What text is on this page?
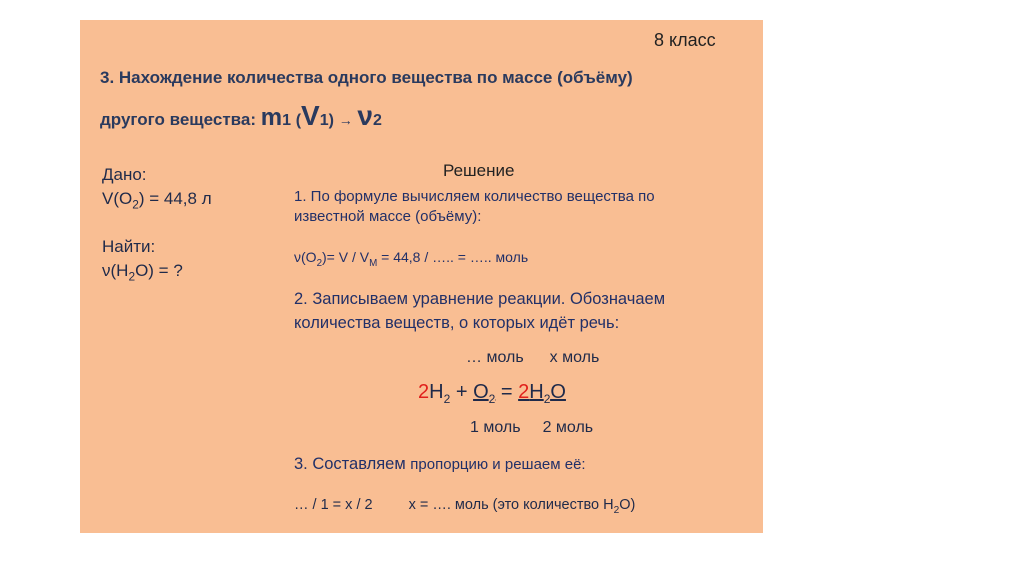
8 класс
3. Нахождение количества одного вещества по массе (объёму)
другого вещества: m1 (V1) → ν2
Дано:
$V(O_2) = 44,8$ л
Найти:
$\nu(H_2O)$ = ?
Решение
1. По формуле вычисляем количество вещества по
известной массе (объёму):
$\nu(O_2)= V / V_M = 44,8$ / ….. = ….. моль
2. Записываем уравнение реакции. Обозначаем
количества веществ, о которых идёт речь:
… моль x моль
$2H_2 + O_2 = 2H_2O$
1 моль 2 моль
3. Составляем пропорцию и решаем её:
… / 1 = x / 2 x = …. моль (это количество $H_2O$)
